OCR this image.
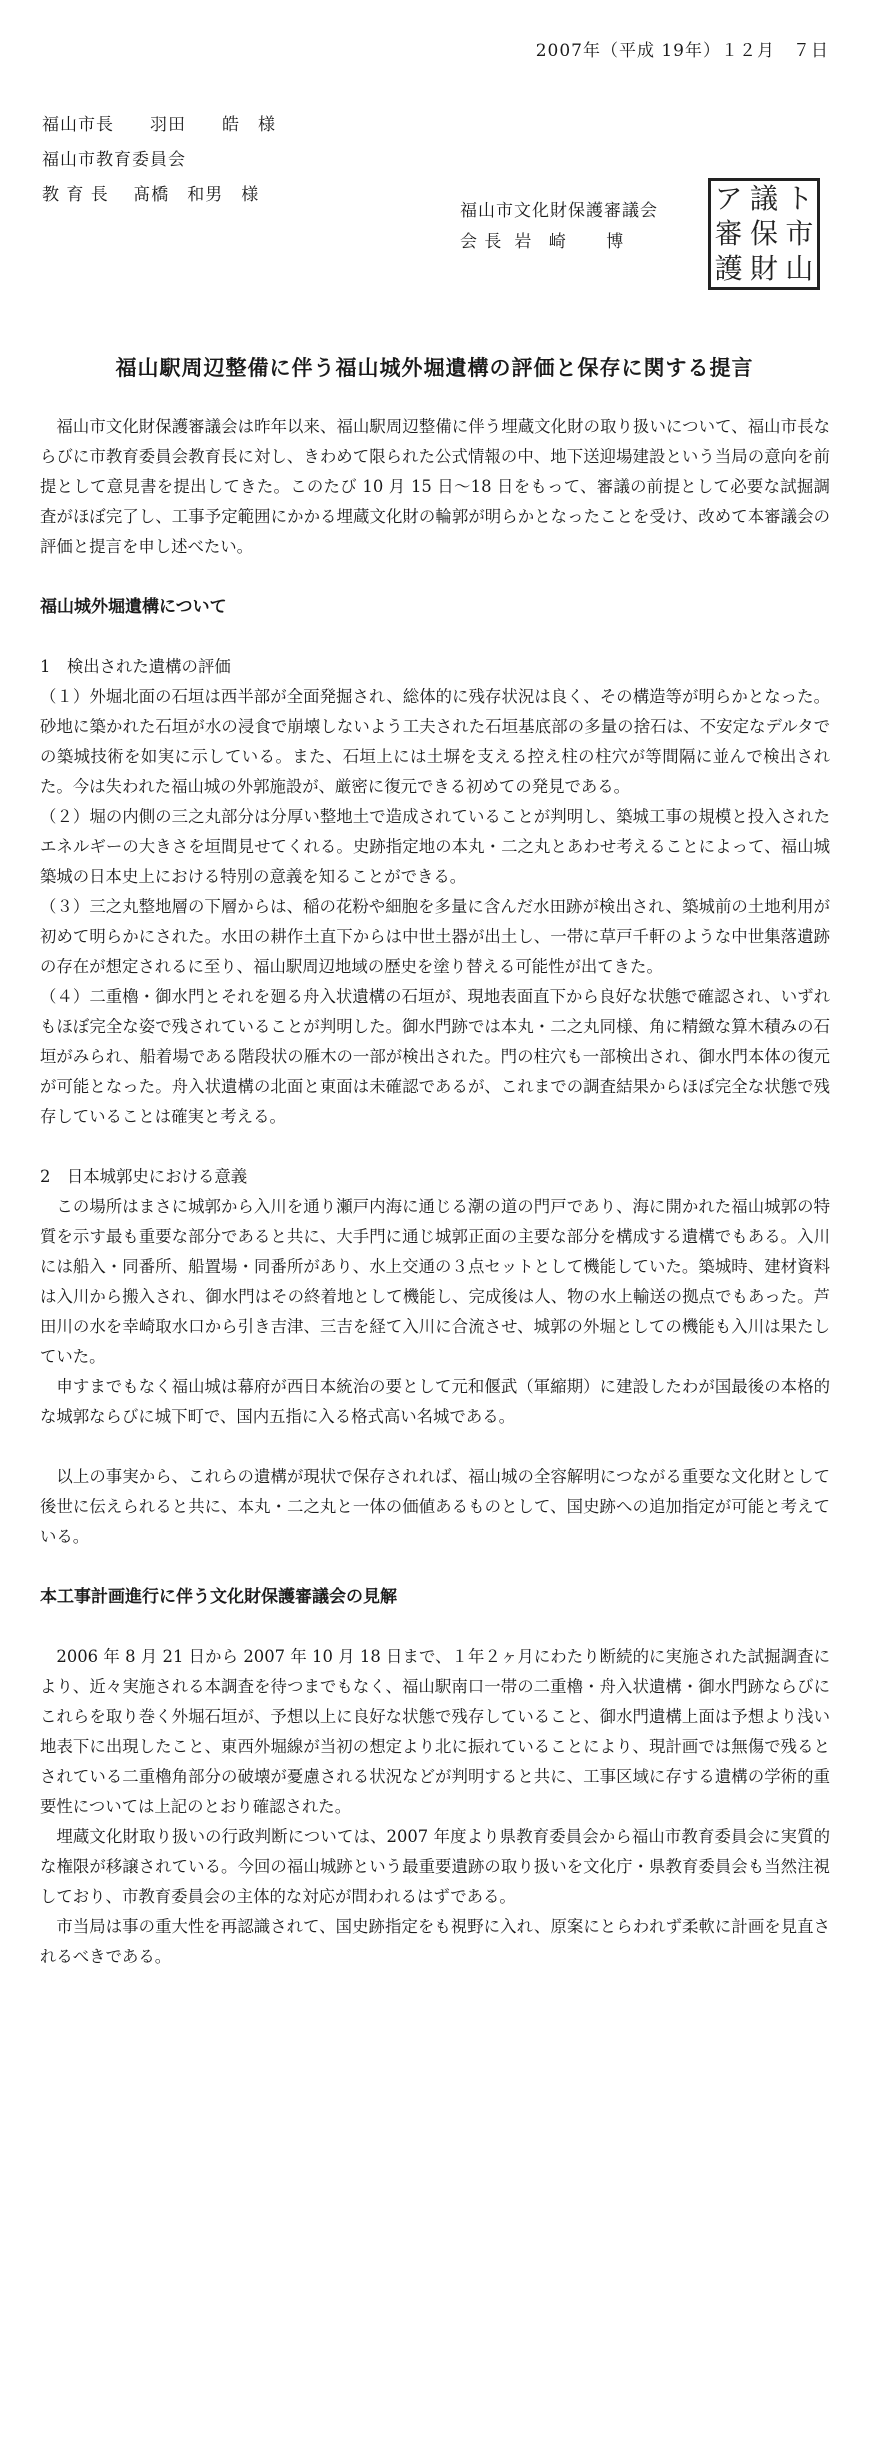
2007年（平成 19年）１２月　７日
福山市長　　羽田　　皓　様
福山市教育委員会
教 育 長　 髙橋　和男　様
福山市文化財保護審議会
会 長 岩 崎　 博
ア 議 ト
審 保 市
護 財 山
福山駅周辺整備に伴う福山城外堀遺構の評価と保存に関する提言

福山市文化財保護審議会は昨年以来、福山駅周辺整備に伴う埋蔵文化財の取り扱いについて、福山市長ならびに市教育委員会教育長に対し、きわめて限られた公式情報の中、地下送迎場建設という当局の意向を前提として意見書を提出してきた。このたび 10 月 15 日～18 日をもって、審議の前提として必要な試掘調査がほぼ完了し、工事予定範囲にかかる埋蔵文化財の輪郭が明らかとなったことを受け、改めて本審議会の評価と提言を申し述べたい。

福山城外堀遺構について

1　検出された遺構の評価

（１）外堀北面の石垣は西半部が全面発掘され、総体的に残存状況は良く、その構造等が明らかとなった。砂地に築かれた石垣が水の浸食で崩壊しないよう工夫された石垣基底部の多量の捨石は、不安定なデルタでの築城技術を如実に示している。また、石垣上には土塀を支える控え柱の柱穴が等間隔に並んで検出された。今は失われた福山城の外郭施設が、厳密に復元できる初めての発見である。

（２）堀の内側の三之丸部分は分厚い整地土で造成されていることが判明し、築城工事の規模と投入されたエネルギーの大きさを垣間見せてくれる。史跡指定地の本丸・二之丸とあわせ考えることによって、福山城築城の日本史上における特別の意義を知ることができる。

（３）三之丸整地層の下層からは、稲の花粉や細胞を多量に含んだ水田跡が検出され、築城前の土地利用が初めて明らかにされた。水田の耕作土直下からは中世土器が出土し、一帯に草戸千軒のような中世集落遺跡の存在が想定されるに至り、福山駅周辺地域の歴史を塗り替える可能性が出てきた。

（４）二重櫓・御水門とそれを廻る舟入状遺構の石垣が、現地表面直下から良好な状態で確認され、いずれもほぼ完全な姿で残されていることが判明した。御水門跡では本丸・二之丸同様、角に精緻な算木積みの石垣がみられ、船着場である階段状の雁木の一部が検出された。門の柱穴も一部検出され、御水門本体の復元が可能となった。舟入状遺構の北面と東面は未確認であるが、これまでの調査結果からほぼ完全な状態で残存していることは確実と考える。

2　日本城郭史における意義

この場所はまさに城郭から入川を通り瀬戸内海に通じる潮の道の門戸であり、海に開かれた福山城郭の特質を示す最も重要な部分であると共に、大手門に通じ城郭正面の主要な部分を構成する遺構でもある。入川には船入・同番所、船置場・同番所があり、水上交通の３点セットとして機能していた。築城時、建材資料は入川から搬入され、御水門はその終着地として機能し、完成後は人、物の水上輸送の拠点でもあった。芦田川の水を幸崎取水口から引き吉津、三吉を経て入川に合流させ、城郭の外堀としての機能も入川は果たしていた。

申すまでもなく福山城は幕府が西日本統治の要として元和偃武（軍縮期）に建設したわが国最後の本格的な城郭ならびに城下町で、国内五指に入る格式高い名城である。

以上の事実から、これらの遺構が現状で保存されれば、福山城の全容解明につながる重要な文化財として後世に伝えられると共に、本丸・二之丸と一体の価値あるものとして、国史跡への追加指定が可能と考えている。

本工事計画進行に伴う文化財保護審議会の見解

2006 年 8 月 21 日から 2007 年 10 月 18 日まで、１年２ヶ月にわたり断続的に実施された試掘調査により、近々実施される本調査を待つまでもなく、福山駅南口一帯の二重櫓・舟入状遺構・御水門跡ならびにこれらを取り巻く外堀石垣が、予想以上に良好な状態で残存していること、御水門遺構上面は予想より浅い地表下に出現したこと、東西外堀線が当初の想定より北に振れていることにより、現計画では無傷で残るとされている二重櫓角部分の破壊が憂慮される状況などが判明すると共に、工事区域に存する遺構の学術的重要性については上記のとおり確認された。

埋蔵文化財取り扱いの行政判断については、2007 年度より県教育委員会から福山市教育委員会に実質的な権限が移譲されている。今回の福山城跡という最重要遺跡の取り扱いを文化庁・県教育委員会も当然注視しており、市教育委員会の主体的な対応が問われるはずである。

市当局は事の重大性を再認識されて、国史跡指定をも視野に入れ、原案にとらわれず柔軟に計画を見直されるべきである。
